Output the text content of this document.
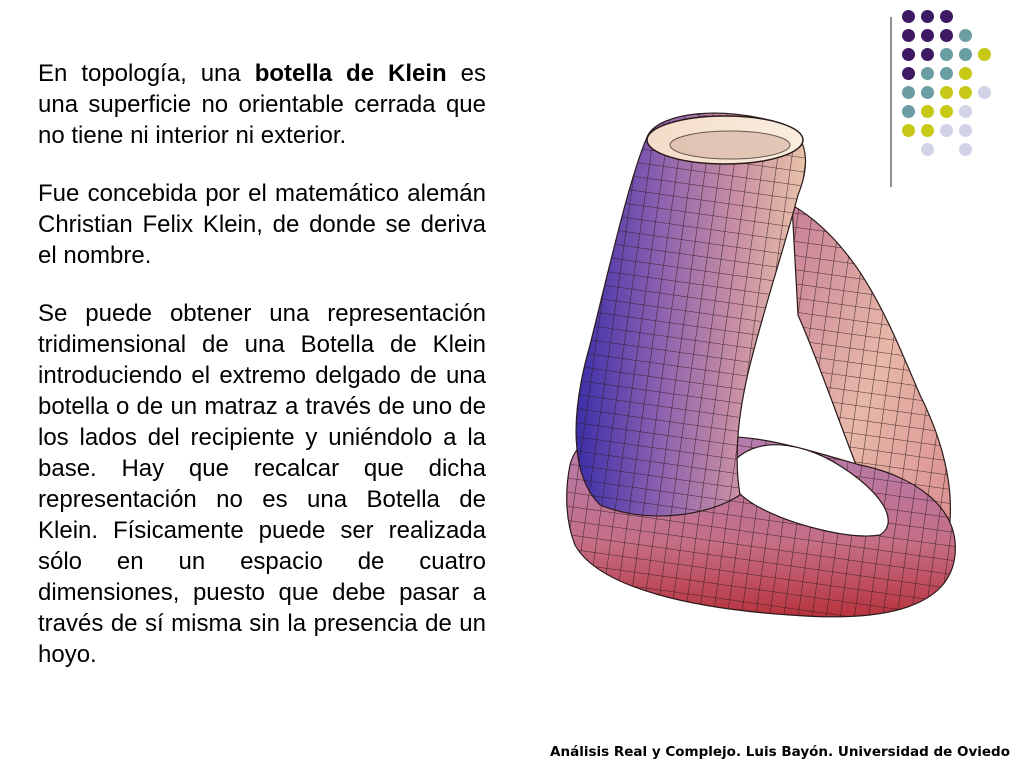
En topología, una botella de Klein es una superficie no orientable cerrada que no tiene ni interior ni exterior.

Fue concebida por el matemático alemán Christian Felix Klein, de donde se deriva el nombre.

Se puede obtener una representación tridimensional de una Botella de Klein introduciendo el extremo delgado de una botella o de un matraz a través de uno de los lados del recipiente y uniéndolo a la base. Hay que recalcar que dicha representación no es una Botella de Klein. Físicamente puede ser realizada sólo en un espacio de cuatro dimensiones, puesto que debe pasar a través de sí misma sin la presencia de un hoyo.

Análisis Real y Complejo. Luis Bayón. Universidad de Oviedo
